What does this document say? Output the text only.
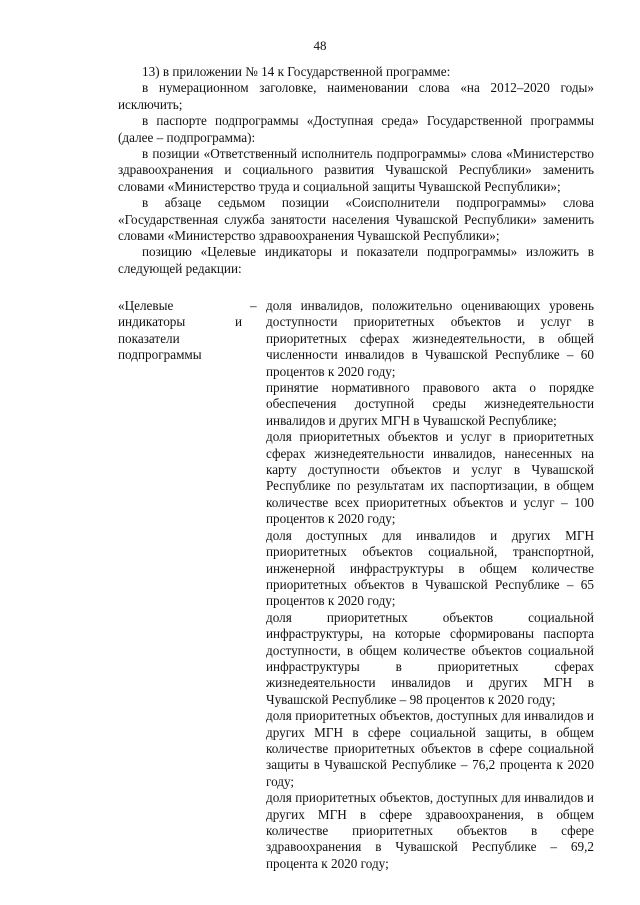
48

13) в приложении № 14 к Государственной программе:

в нумерационном заголовке, наименовании слова «на 2012–2020 годы» исключить;

в паспорте подпрограммы «Доступная среда» Государственной программы (далее – подпрограмма):

в позиции «Ответственный исполнитель подпрограммы» слова «Министерство здравоохранения и социального развития Чувашской Республики» заменить словами «Министерство труда и социальной защиты Чувашской Республики»;

в абзаце седьмом позиции «Соисполнители подпрограммы» слова «Государственная служба занятости населения Чувашской Республики» заменить словами «Министерство здравоохранения Чувашской Республики»;

позицию «Целевые индикаторы и показатели подпрограммы» изложить в следующей редакции:

«Целевые индикаторы и показатели подпрограммы
– доля инвалидов, положительно оценивающих уровень доступности приоритетных объектов и услуг в приоритетных сферах жизнедеятельности, в общей численности инвалидов в Чувашской Республике – 60 процентов к 2020 году;

принятие нормативного правового акта о порядке обеспечения доступной среды жизнедеятельности инвалидов и других МГН в Чувашской Республике;

доля приоритетных объектов и услуг в приоритетных сферах жизнедеятельности инвалидов, нанесенных на карту доступности объектов и услуг в Чувашской Республике по результатам их паспортизации, в общем количестве всех приоритетных объектов и услуг – 100 процентов к 2020 году;

доля доступных для инвалидов и других МГН приоритетных объектов социальной, транспортной, инженерной инфраструктуры в общем количестве приоритетных объектов в Чувашской Республике – 65 процентов к 2020 году;

доля приоритетных объектов социальной инфраструктуры, на которые сформированы паспорта доступности, в общем количестве объектов социальной инфраструктуры в приоритетных сферах жизнедеятельности инвалидов и других МГН в Чувашской Республике – 98 процентов к 2020 году;

доля приоритетных объектов, доступных для инвалидов и других МГН в сфере социальной защиты, в общем количестве приоритетных объектов в сфере социальной защиты в Чувашской Республике – 76,2 процента к 2020 году;

доля приоритетных объектов, доступных для инвалидов и других МГН в сфере здравоохранения, в общем количестве приоритетных объектов в сфере здравоохранения в Чувашской Республике – 69,2 процента к 2020 году;
